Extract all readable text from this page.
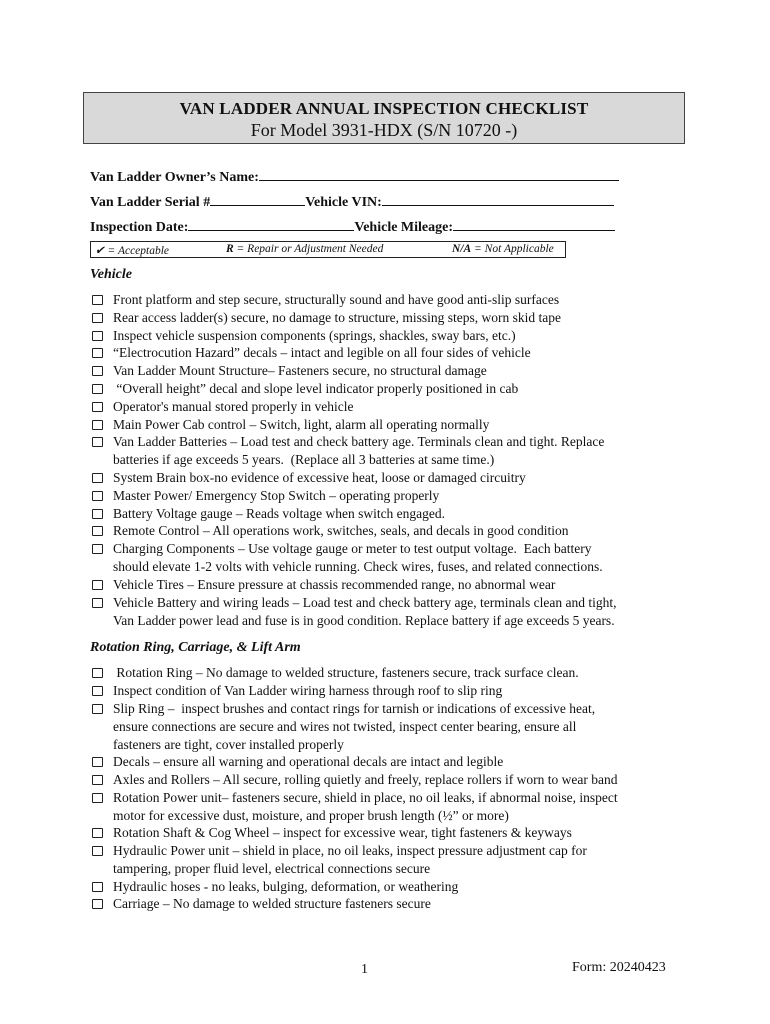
VAN LADDER ANNUAL INSPECTION CHECKLIST
For Model 3931-HDX (S/N 10720 -)
Van Ladder Owner’s Name:
Van Ladder Serial #	Vehicle VIN:
Inspection Date:	Vehicle Mileage:
✔ = Acceptable	R = Repair or Adjustment Needed	N/A = Not Applicable
Vehicle
Front platform and step secure, structurally sound and have good anti-slip surfaces
Rear access ladder(s) secure, no damage to structure, missing steps, worn skid tape
Inspect vehicle suspension components (springs, shackles, sway bars, etc.)
“Electrocution Hazard” decals – intact and legible on all four sides of vehicle
Van Ladder Mount Structure– Fasteners secure, no structural damage
“Overall height” decal and slope level indicator properly positioned in cab
Operator's manual stored properly in vehicle
Main Power Cab control – Switch, light, alarm all operating normally
Van Ladder Batteries – Load test and check battery age. Terminals clean and tight. Replace
batteries if age exceeds 5 years.  (Replace all 3 batteries at same time.)
System Brain box-no evidence of excessive heat, loose or damaged circuitry
Master Power/ Emergency Stop Switch – operating properly
Battery Voltage gauge – Reads voltage when switch engaged.
Remote Control – All operations work, switches, seals, and decals in good condition
Charging Components – Use voltage gauge or meter to test output voltage.  Each battery
should elevate 1-2 volts with vehicle running. Check wires, fuses, and related connections.
Vehicle Tires – Ensure pressure at chassis recommended range, no abnormal wear
Vehicle Battery and wiring leads – Load test and check battery age, terminals clean and tight,
Van Ladder power lead and fuse is in good condition. Replace battery if age exceeds 5 years.
Rotation Ring, Carriage, & Lift Arm
Rotation Ring – No damage to welded structure, fasteners secure, track surface clean.
Inspect condition of Van Ladder wiring harness through roof to slip ring
Slip Ring –  inspect brushes and contact rings for tarnish or indications of excessive heat,
ensure connections are secure and wires not twisted, inspect center bearing, ensure all
fasteners are tight, cover installed properly
Decals – ensure all warning and operational decals are intact and legible
Axles and Rollers – All secure, rolling quietly and freely, replace rollers if worn to wear band
Rotation Power unit– fasteners secure, shield in place, no oil leaks, if abnormal noise, inspect
motor for excessive dust, moisture, and proper brush length (½” or more)
Rotation Shaft & Cog Wheel – inspect for excessive wear, tight fasteners & keyways
Hydraulic Power unit – shield in place, no oil leaks, inspect pressure adjustment cap for
tampering, proper fluid level, electrical connections secure
Hydraulic hoses - no leaks, bulging, deformation, or weathering
Carriage – No damage to welded structure fasteners secure
1	Form: 20240423
